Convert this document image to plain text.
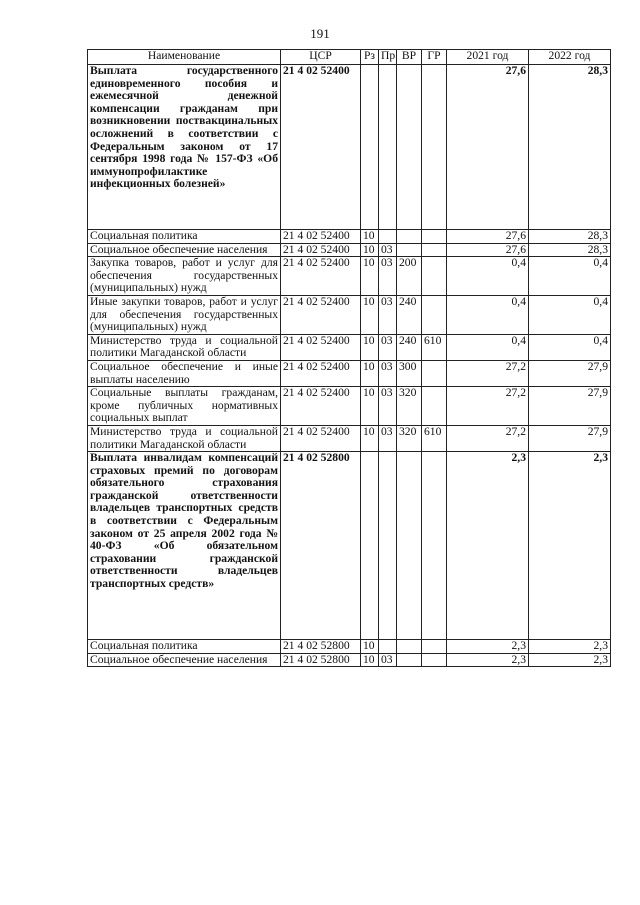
191
Наименование	ЦСР	Рз	Пр	ВР	ГР	2021 год	2022 год
Выплата государственного единовременного пособия и ежемесячной денежной компенсации гражданам при возникновении поствакцинальных осложнений в соответствии с Федеральным законом от 17 сентября 1998 года № 157-ФЗ «Об иммунопрофилактике инфекционных болезней»	21 4 02 52400					27,6	28,3
Социальная политика	21 4 02 52400	10				27,6	28,3
Социальное обеспечение населения	21 4 02 52400	10	03			27,6	28,3
Закупка товаров, работ и услуг для обеспечения государственных (муниципальных) нужд	21 4 02 52400	10	03	200		0,4	0,4
Иные закупки товаров, работ и услуг для обеспечения государственных (муниципальных) нужд	21 4 02 52400	10	03	240		0,4	0,4
Министерство труда и социальной политики Магаданской области	21 4 02 52400	10	03	240	610	0,4	0,4
Социальное обеспечение и иные выплаты населению	21 4 02 52400	10	03	300		27,2	27,9
Социальные выплаты гражданам, кроме публичных нормативных социальных выплат	21 4 02 52400	10	03	320		27,2	27,9
Министерство труда и социальной политики Магаданской области	21 4 02 52400	10	03	320	610	27,2	27,9
Выплата инвалидам компенсаций страховых премий по договорам обязательного страхования гражданской ответственности владельцев транспортных средств в соответствии с Федеральным законом от 25 апреля 2002 года № 40-ФЗ «Об обязательном страховании гражданской ответственности владельцев транспортных средств»	21 4 02 52800					2,3	2,3
Социальная политика	21 4 02 52800	10				2,3	2,3
Социальное обеспечение населения	21 4 02 52800	10	03			2,3	2,3
